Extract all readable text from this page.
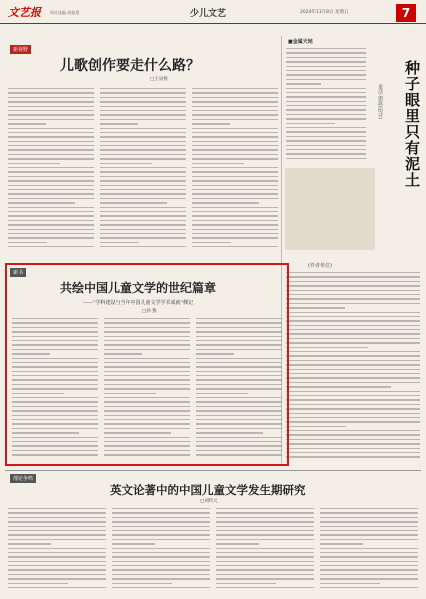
文艺报 周社选编 周报道	少儿文艺	2024年11月8日 星期五	7
新视野
儿歌创作要走什么路？
□王泉根
■金属天地
种子眼里只有泥土
童话·朝露(组诗)
(作者单位)
新书
共绘中国儿童文学的世纪篇章
——“学科建设与当年中国儿童文学学术成就”侧记
□孙 燕
理论争鸣
英文论著中的中国儿童文学发生期研究
□刘传元
